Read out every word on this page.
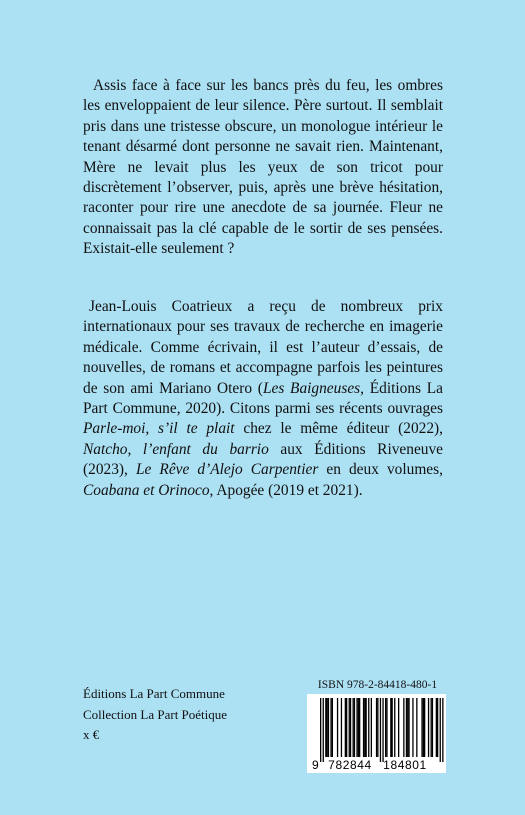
Assis face à face sur les bancs près du feu, les ombres les enveloppaient de leur silence. Père surtout. Il semblait pris dans une tristesse obscure, un monologue intérieur le tenant désarmé dont personne ne savait rien. Maintenant, Mère ne levait plus les yeux de son tricot pour discrètement l’observer, puis, après une brève hésitation, raconter pour rire une anecdote de sa journée. Fleur ne connaissait pas la clé capable de le sortir de ses pensées. Existait-elle seulement ?

Jean-Louis Coatrieux a reçu de nombreux prix internationaux pour ses travaux de recherche en imagerie médicale. Comme écrivain, il est l’auteur d’essais, de nouvelles, de romans et accompagne parfois les peintures de son ami Mariano Otero (Les Baigneuses, Éditions La Part Commune, 2020). Citons parmi ses récents ouvrages Parle-moi, s’il te plait chez le même éditeur (2022), Natcho, l’enfant du barrio aux Éditions Riveneuve (2023), Le Rêve d’Alejo Carpentier en deux volumes, Coabana et Orinoco, Apogée (2019 et 2021).

Éditions La Part Commune
Collection La Part Poétique
x €
ISBN 978-2-84418-480-1
9 782844 184801
